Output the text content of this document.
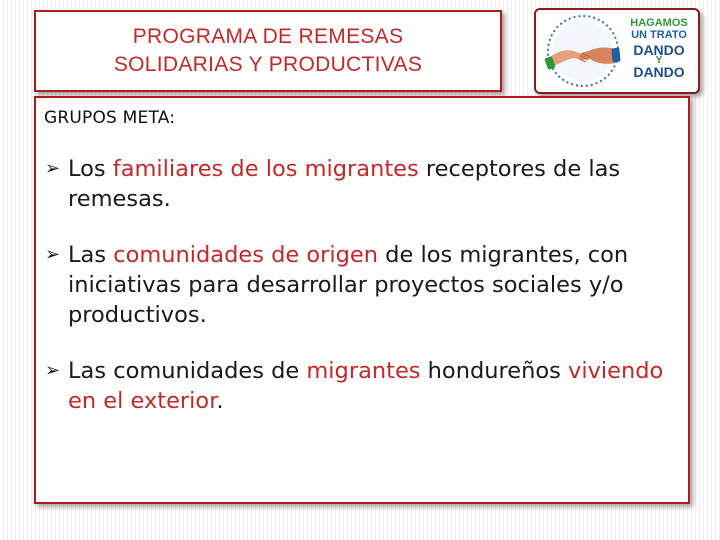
PROGRAMA DE REMESAS
SOLIDARIAS Y PRODUCTIVAS
HAGAMOS
UN TRATO
DANDO
Y
DANDO
GRUPOS META:
➢ Los familiares de los migrantes receptores de las remesas.
➢ Las comunidades de origen de los migrantes, con iniciativas para desarrollar proyectos sociales y/o productivos.
➢ Las comunidades de migrantes hondureños viviendo en el exterior.
